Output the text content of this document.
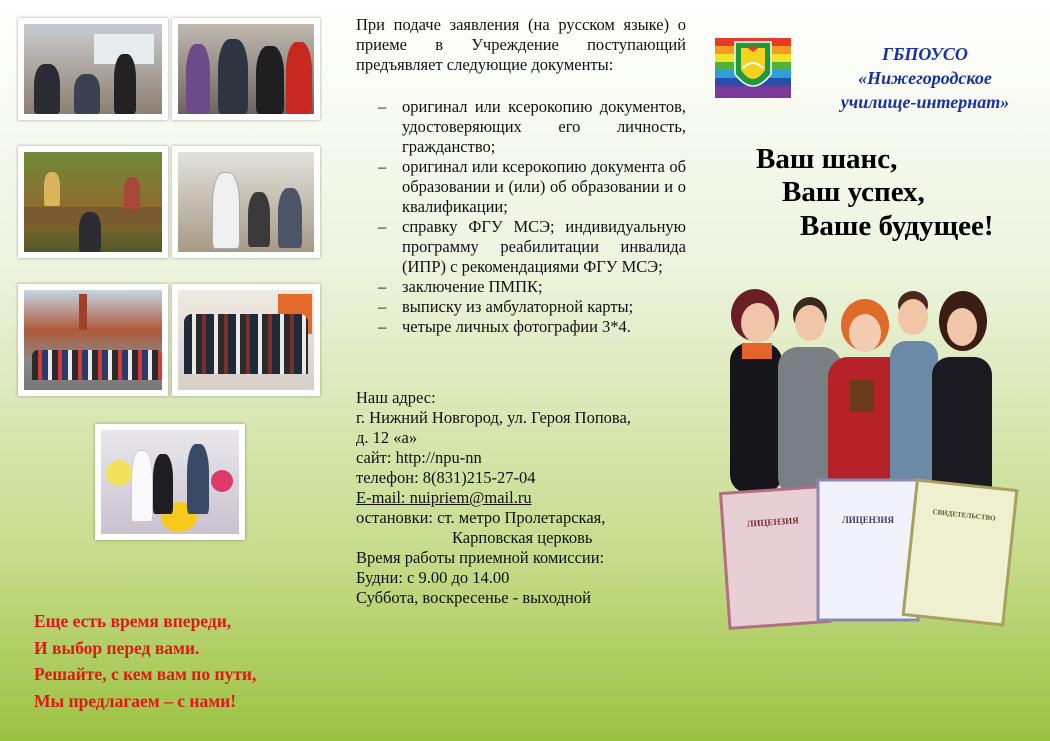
При подаче заявления (на русском языке) о приеме в Учреждение поступающий предъявляет следующие документы:

– оригинал или ксерокопию документов, удостоверяющих его личность, гражданство;
– оригинал или ксерокопию документа об образовании и (или) об образовании и о квалификации;
– справку ФГУ МСЭ; индивидуальную программу реабилитации инвалида (ИПР) с рекомендациями ФГУ МСЭ;
– заключение ПМПК;
– выписку из амбулаторной карты;
– четыре личных фотографии 3*4.
Наш адрес:
г. Нижний Новгород, ул. Героя Попова,
д. 12 «а»
сайт: http://npu-nn
телефон: 8(831)215-27-04
E-mail: nuipriem@mail.ru
остановки: ст. метро Пролетарская,
Карповская церковь
Время работы приемной комиссии:
Будни: с 9.00 до 14.00
Суббота, воскресенье - выходной
Еще есть время впереди,
И выбор перед вами.
Решайте, с кем вам по пути,
Мы предлагаем – с нами!
ГБПОУСО
«Нижегородское
училище-интернат»
Ваш шанс,
Ваш успех,
Ваше будущее!
ЛИЦЕНЗИЯ	ЛИЦЕНЗИЯ	СВИДЕТЕЛЬСТВО
